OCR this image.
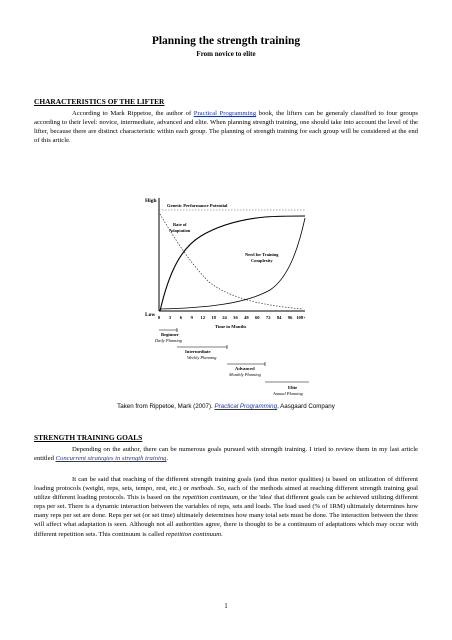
Planning the strength training
From novice to elite
CHARACTERISTICS OF THE LIFTER
According to Mark Rippetoe, the author of Practical Programming book, the lifters can be generaly classified to four groups according to their level: novice, intermediate, advanced and elite. When planning strength training, one should take into account the level of the lifter, because there are distinct characteristic within each group. The planning of strength training for each group will be considered at the end of this article.
High
Low
Genetic Performance Potential
Rate of
Adaptation
Need for Training
Complexity
0 3 6 9 12 18 24 36 48 60 72 84 96 108+
Time in Months
Beginner
Daily Planning
Intermediate
Weekly Planning
Advanced
Monthly Planning
Elite
Annual Planning
Taken from Rippetoe, Mark (2007). Practical Programming, Aasgaard Company
STRENGTH TRAINING GOALS
Depending on the author, there can be numerous goals pursued with strength training. I tried to review them in my last article entitled Concurrent strategies in strength training.
It can be said that reaching of the different strength training goals (and thus motor qualities) is based on utilization of different loading protocols (weight, reps, sets, tempo, rest, etc.) or methods. So, each of the methods aimed at reaching different strength training goal utilize different loading protocols. This is based on the repetition continuum, or the 'idea' that different goals can be achieved utilizing different reps per set. There is a dynamic interaction between the variables of reps, sets and loads. The load used (% of 1RM) ultimately determines how many reps per set are done. Reps per set (or set time) ultimately determines how many total sets must be done. The interaction between the three will affect what adaptation is seen. Although not all authorities agree, there is thought to be a continuum of adaptations which may occur with different repetition sets. This continuum is called repetition continuum.
1
